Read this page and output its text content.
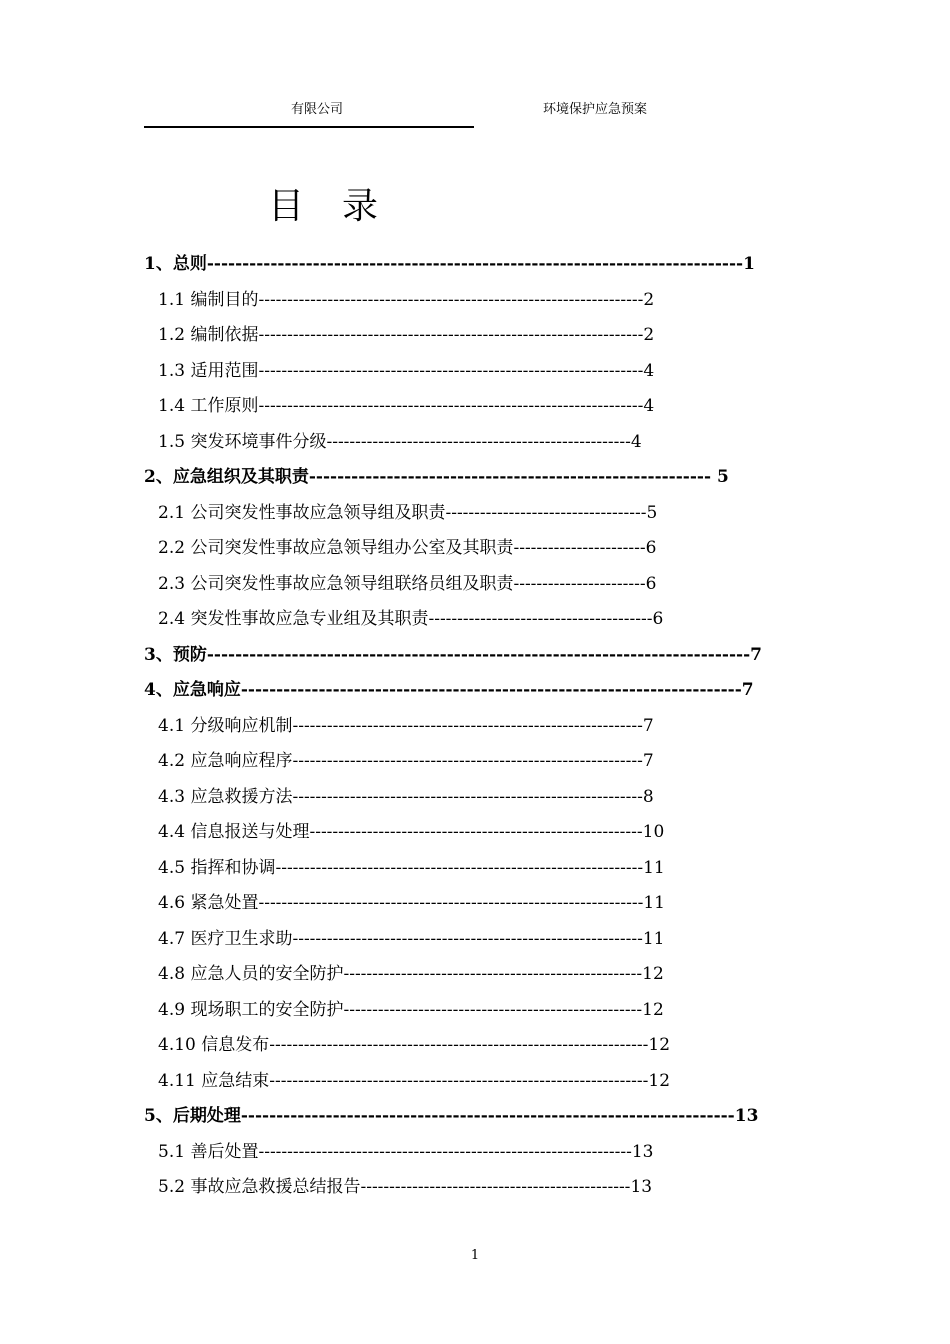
有限公司	环境保护应急预案
目录
1、总则----------------------------------------------------------------------------1
1.1 编制目的-------------------------------------------------------------------2
1.2 编制依据-------------------------------------------------------------------2
1.3 适用范围-------------------------------------------------------------------4
1.4 工作原则-------------------------------------------------------------------4
1.5 突发环境事件分级-----------------------------------------------------4
2、应急组织及其职责--------------------------------------------------------- 5
2.1 公司突发性事故应急领导组及职责-----------------------------------5
2.2 公司突发性事故应急领导组办公室及其职责-----------------------6
2.3 公司突发性事故应急领导组联络员组及职责-----------------------6
2.4 突发性事故应急专业组及其职责---------------------------------------6
3、预防-----------------------------------------------------------------------------7
4、应急响应-----------------------------------------------------------------------7
4.1 分级响应机制-------------------------------------------------------------7
4.2 应急响应程序-------------------------------------------------------------7
4.3 应急救援方法-------------------------------------------------------------8
4.4 信息报送与处理----------------------------------------------------------10
4.5 指挥和协调----------------------------------------------------------------11
4.6 紧急处置-------------------------------------------------------------------11
4.7 医疗卫生求助-------------------------------------------------------------11
4.8 应急人员的安全防护----------------------------------------------------12
4.9 现场职工的安全防护----------------------------------------------------12
4.10 信息发布------------------------------------------------------------------12
4.11 应急结束------------------------------------------------------------------12
5、后期处理----------------------------------------------------------------------13
5.1 善后处置-----------------------------------------------------------------13
5.2 事故应急救援总结报告-----------------------------------------------13
1
